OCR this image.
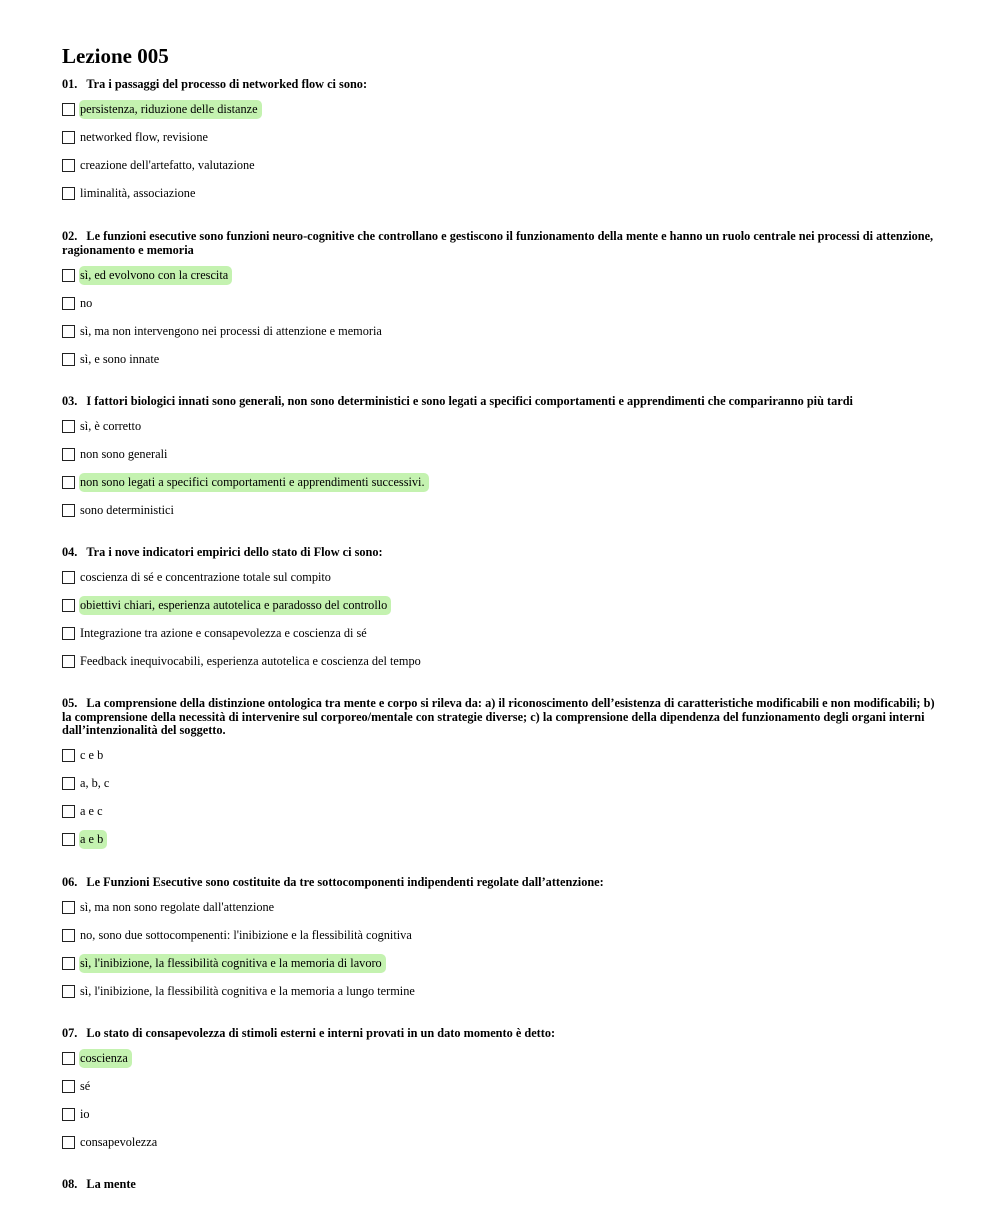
Lezione 005

01. Tra i passaggi del processo di networked flow ci sono:

persistenza, riduzione delle distanze
networked flow, revisione
creazione dell'artefatto, valutazione
liminalità, associazione

02. Le funzioni esecutive sono funzioni neuro-cognitive che controllano e gestiscono il funzionamento della mente e hanno un ruolo centrale nei processi di attenzione, ragionamento e memoria

sì, ed evolvono con la crescita
no
sì, ma non intervengono nei processi di attenzione e memoria
sì, e sono innate

03. I fattori biologici innati sono generali, non sono deterministici e sono legati a specifici comportamenti e apprendimenti che compariranno più tardi

sì, è corretto
non sono generali
non sono legati a specifici comportamenti e apprendimenti successivi.
sono deterministici

04. Tra i nove indicatori empirici dello stato di Flow ci sono:

coscienza di sé e concentrazione totale sul compito
obiettivi chiari, esperienza autotelica e paradosso del controllo
Integrazione tra azione e consapevolezza e coscienza di sé
Feedback inequivocabili, esperienza autotelica e coscienza del tempo

05. La comprensione della distinzione ontologica tra mente e corpo si rileva da: a) il riconoscimento dell’esistenza di caratteristiche modificabili e non modificabili; b) la comprensione della necessità di intervenire sul corporeo/mentale con strategie diverse; c) la comprensione della dipendenza del funzionamento degli organi interni dall’intenzionalità del soggetto.

c e b
a, b, c
a e c
a e b

06. Le Funzioni Esecutive sono costituite da tre sottocomponenti indipendenti regolate dall’attenzione:

sì, ma non sono regolate dall'attenzione
no, sono due sottocompenenti: l'inibizione e la flessibilità cognitiva
sì, l'inibizione, la flessibilità cognitiva e la memoria di lavoro
sì, l'inibizione, la flessibilità cognitiva e la memoria a lungo termine

07. Lo stato di consapevolezza di stimoli esterni e interni provati in un dato momento è detto:

coscienza
sé
io
consapevolezza

08. La mente
